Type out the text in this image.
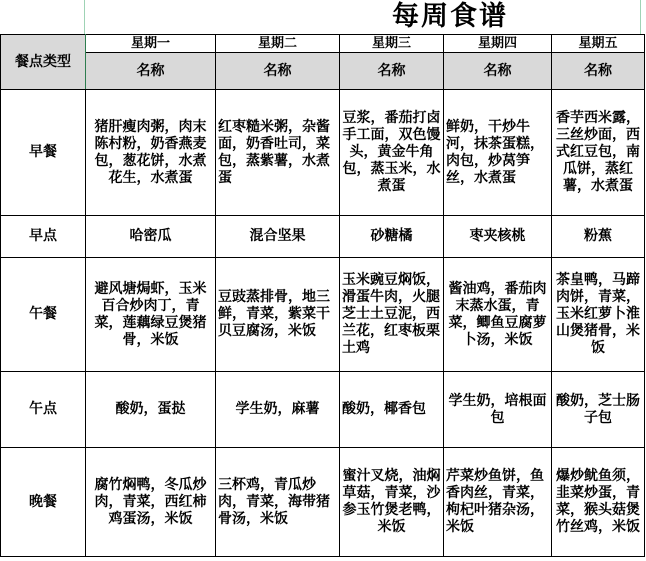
每周食谱
餐点类型	星期一	星期二	星期三	星期四	星期五
	名称	名称	名称	名称	名称
早餐	猪肝瘦肉粥，肉末陈村粉，奶香燕麦包，葱花饼，水煮花生，水煮蛋	红枣糙米粥，杂酱面，奶香吐司，菜包，蒸紫薯，水煮蛋	豆浆，番茄打卤手工面，双色馒头，黄金牛角包，蒸玉米，水煮蛋	鲜奶，干炒牛河，抹茶蛋糕，肉包，炒莴笋丝，水煮蛋	香芋西米露，三丝炒面，西式红豆包，南瓜饼，蒸红薯，水煮蛋
早点	哈密瓜	混合坚果	砂糖橘	枣夹核桃	粉蕉
午餐	避风塘焗虾，玉米百合炒肉丁，青菜，莲藕绿豆煲猪骨，米饭	豆豉蒸排骨，地三鲜，青菜，紫菜干贝豆腐汤，米饭	玉米豌豆焖饭，滑蛋牛肉，火腿芝士土豆泥，西兰花，红枣板栗土鸡	酱油鸡，番茄肉末蒸水蛋，青菜，鲫鱼豆腐萝卜汤，米饭	茶皇鸭，马蹄肉饼，青菜，玉米红萝卜淮山煲猪骨，米饭
午点	酸奶，蛋挞	学生奶，麻薯	酸奶，椰香包	学生奶，培根面包	酸奶，芝士肠子包
晚餐	腐竹焖鸭，冬瓜炒肉，青菜，西红柿鸡蛋汤，米饭	三杯鸡，青瓜炒肉，青菜，海带猪骨汤，米饭	蜜汁叉烧，油焖草菇，青菜，沙参玉竹煲老鸭，米饭	芹菜炒鱼饼，鱼香肉丝，青菜，枸杞叶猪杂汤，米饭	爆炒鱿鱼须，韭菜炒蛋，青菜，猴头菇煲竹丝鸡，米饭
